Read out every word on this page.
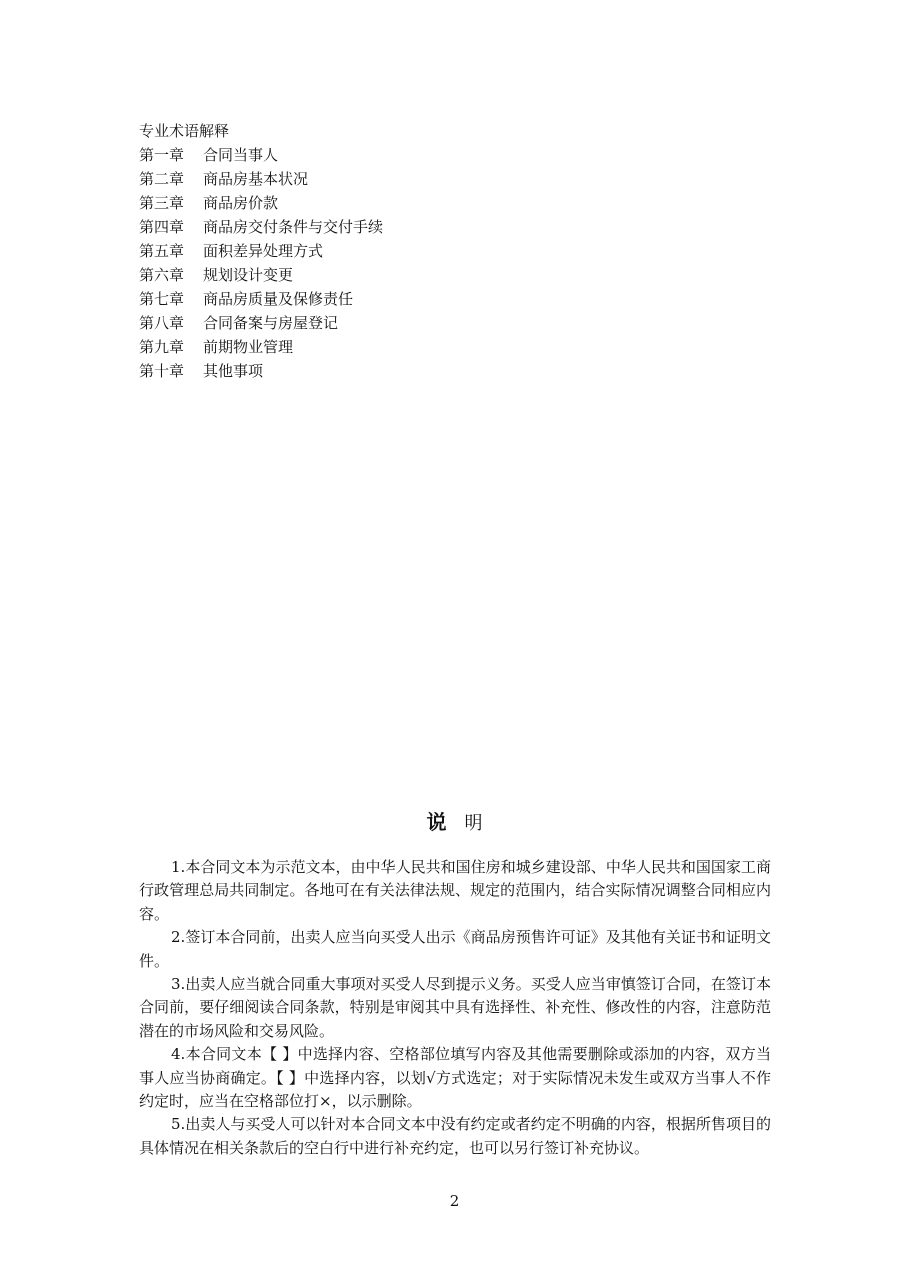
专业术语解释
第一章 合同当事人
第二章 商品房基本状况
第三章 商品房价款
第四章 商品房交付条件与交付手续
第五章 面积差异处理方式
第六章 规划设计变更
第七章 商品房质量及保修责任
第八章 合同备案与房屋登记
第九章 前期物业管理
第十章 其他事项
说 明

1.本合同文本为示范文本，由中华人民共和国住房和城乡建设部、中华人民共和国国家工商行政管理总局共同制定。各地可在有关法律法规、规定的范围内，结合实际情况调整合同相应内容。

2.签订本合同前，出卖人应当向买受人出示《商品房预售许可证》及其他有关证书和证明文件。

3.出卖人应当就合同重大事项对买受人尽到提示义务。买受人应当审慎签订合同，在签订本合同前，要仔细阅读合同条款，特别是审阅其中具有选择性、补充性、修改性的内容，注意防范潜在的市场风险和交易风险。

4.本合同文本【 】中选择内容、空格部位填写内容及其他需要删除或添加的内容，双方当事人应当协商确定。【 】中选择内容，以划√方式选定；对于实际情况未发生或双方当事人不作约定时，应当在空格部位打×，以示删除。

5.出卖人与买受人可以针对本合同文本中没有约定或者约定不明确的内容，根据所售项目的具体情况在相关条款后的空白行中进行补充约定，也可以另行签订补充协议。

2
